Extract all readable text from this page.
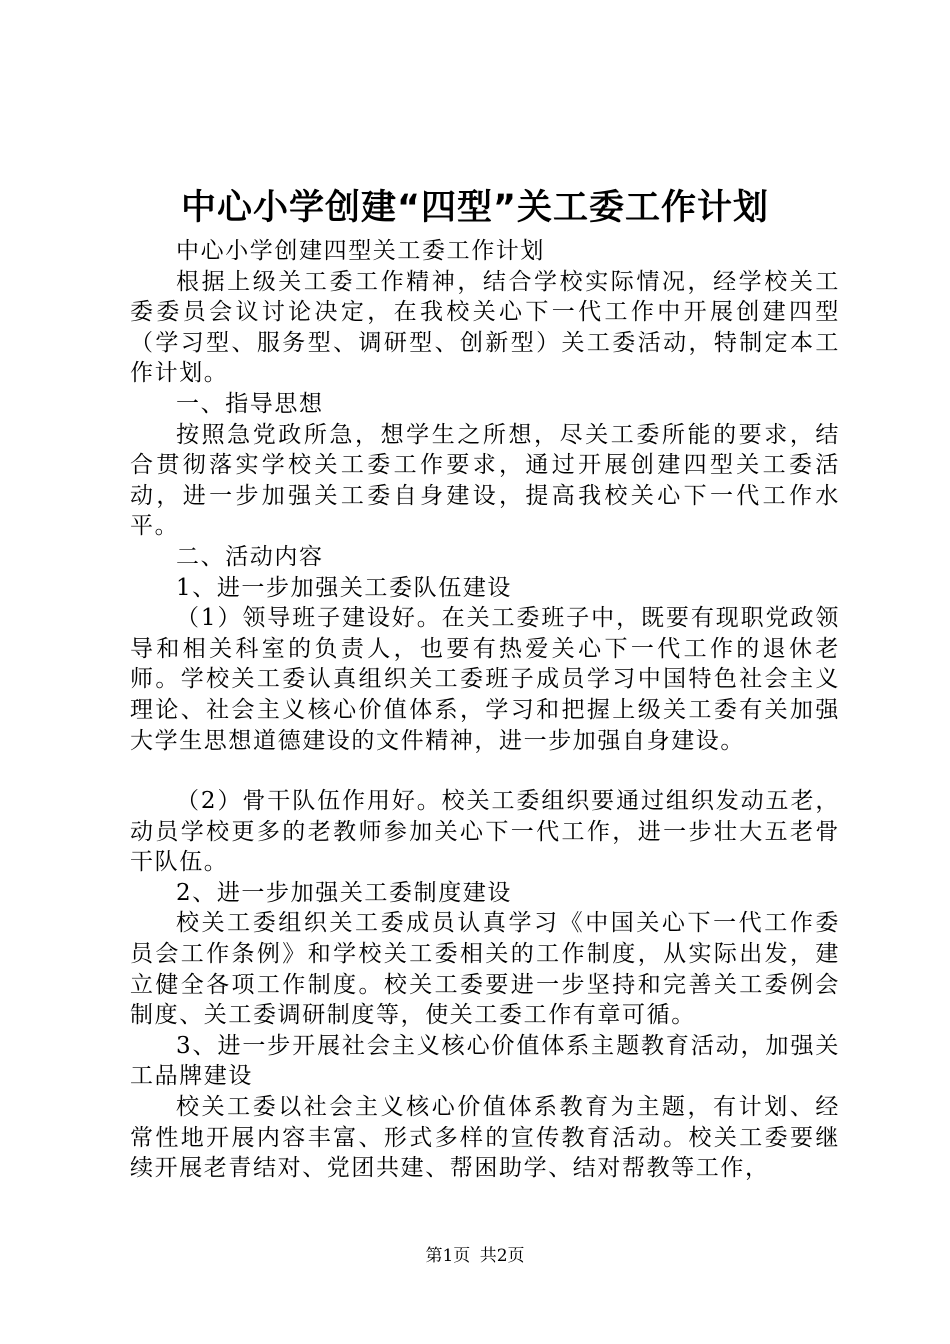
中心小学创建“四型”关工委工作计划

中心小学创建四型关工委工作计划

根据上级关工委工作精神，结合学校实际情况，经学校关工委委员会议讨论决定，在我校关心下一代工作中开展创建四型（学习型、服务型、调研型、创新型）关工委活动，特制定本工作计划。

一、指导思想

按照急党政所急，想学生之所想，尽关工委所能的要求，结合贯彻落实学校关工委工作要求，通过开展创建四型关工委活动，进一步加强关工委自身建设，提高我校关心下一代工作水平。

二、活动内容

1、进一步加强关工委队伍建设

（1）领导班子建设好。在关工委班子中，既要有现职党政领导和相关科室的负责人，也要有热爱关心下一代工作的退休老师。学校关工委认真组织关工委班子成员学习中国特色社会主义理论、社会主义核心价值体系，学习和把握上级关工委有关加强大学生思想道德建设的文件精神，进一步加强自身建设。

（2）骨干队伍作用好。校关工委组织要通过组织发动五老，动员学校更多的老教师参加关心下一代工作，进一步壮大五老骨干队伍。

2、进一步加强关工委制度建设

校关工委组织关工委成员认真学习《中国关心下一代工作委员会工作条例》和学校关工委相关的工作制度，从实际出发，建立健全各项工作制度。校关工委要进一步坚持和完善关工委例会制度、关工委调研制度等，使关工委工作有章可循。

3、进一步开展社会主义核心价值体系主题教育活动，加强关工品牌建设

校关工委以社会主义核心价值体系教育为主题，有计划、经常性地开展内容丰富、形式多样的宣传教育活动。校关工委要继续开展老青结对、党团共建、帮困助学、结对帮教等工作，

第1页 共2页
